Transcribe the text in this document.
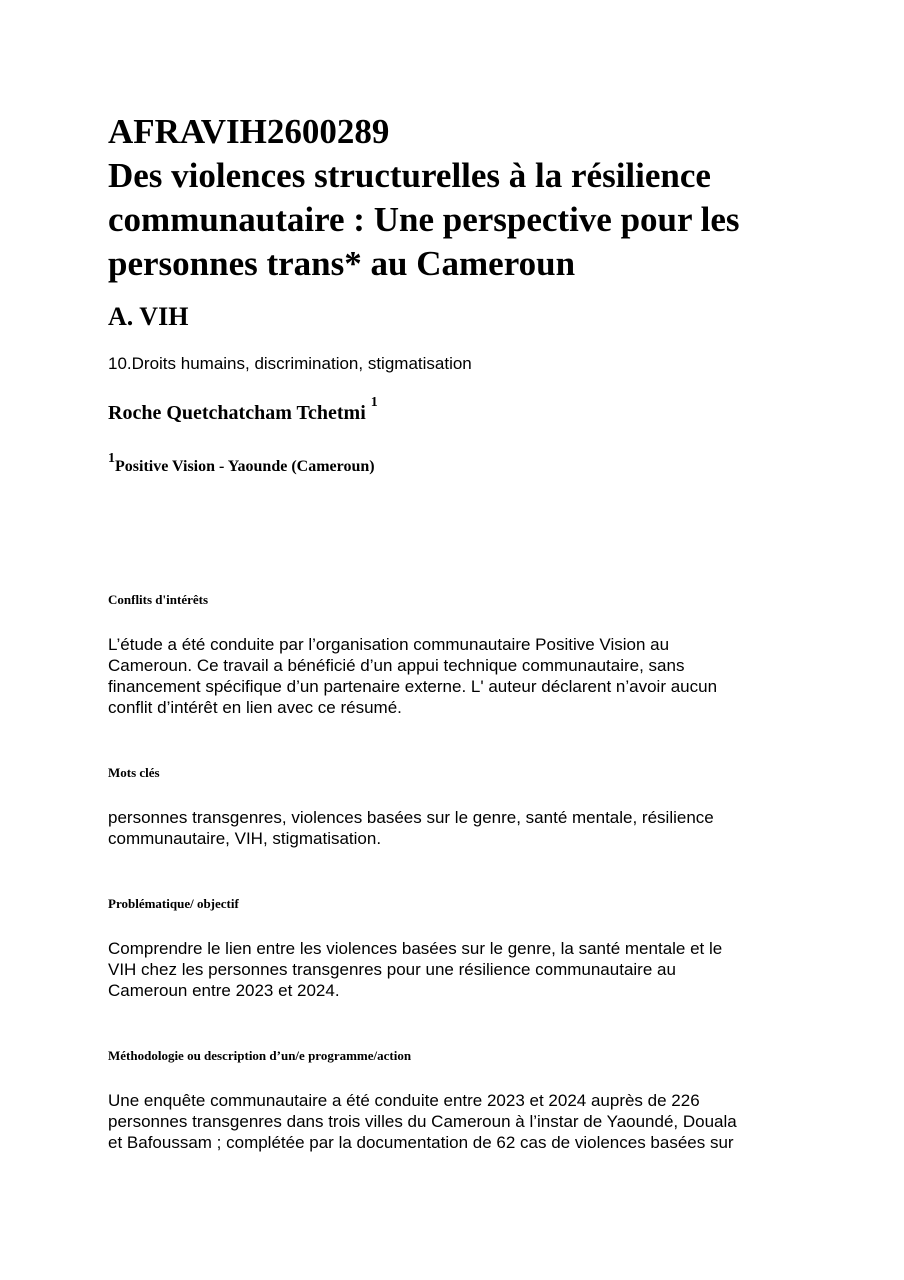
AFRAVIH2600289
Des violences structurelles à la résilience
communautaire : Une perspective pour les
personnes trans* au Cameroun
A. VIH
10.Droits humains, discrimination, stigmatisation
Roche Quetchatcham Tchetmi $^1$
$^1$Positive Vision - Yaounde (Cameroun)
Conflits d'intérêts
L’étude a été conduite par l’organisation communautaire Positive Vision au
Cameroun. Ce travail a bénéficié d’un appui technique communautaire, sans
financement spécifique d’un partenaire externe. L' auteur déclarent n’avoir aucun
conflit d’intérêt en lien avec ce résumé.
Mots clés
personnes transgenres, violences basées sur le genre, santé mentale, résilience
communautaire, VIH, stigmatisation.
Problématique/ objectif
Comprendre le lien entre les violences basées sur le genre, la santé mentale et le
VIH chez les personnes transgenres pour une résilience communautaire au
Cameroun entre 2023 et 2024.
Méthodologie ou description d’un/e programme/action
Une enquête communautaire a été conduite entre 2023 et 2024 auprès de 226
personnes transgenres dans trois villes du Cameroun à l’instar de Yaoundé, Douala
et Bafoussam ; complétée par la documentation de 62 cas de violences basées sur
